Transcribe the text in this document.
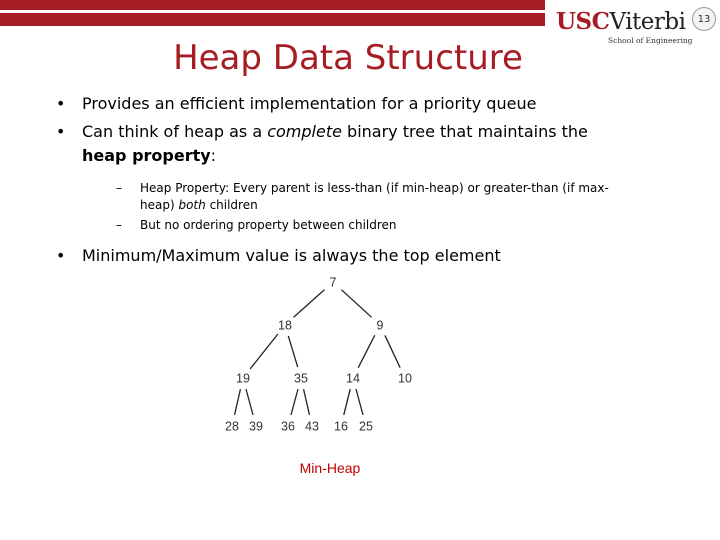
13
USCViterbi
School of Engineering
Heap Data Structure

• Provides an efficient implementation for a priority queue

• Can think of heap as a complete binary tree that maintains the heap property:

– Heap Property: Every parent is less-than (if min-heap) or greater-than (if max-heap) both children

– But no ordering property between children

• Minimum/Maximum value is always the top element

7
18	9
19	35	14	10
28 39 36 43 16 25
Min-Heap
